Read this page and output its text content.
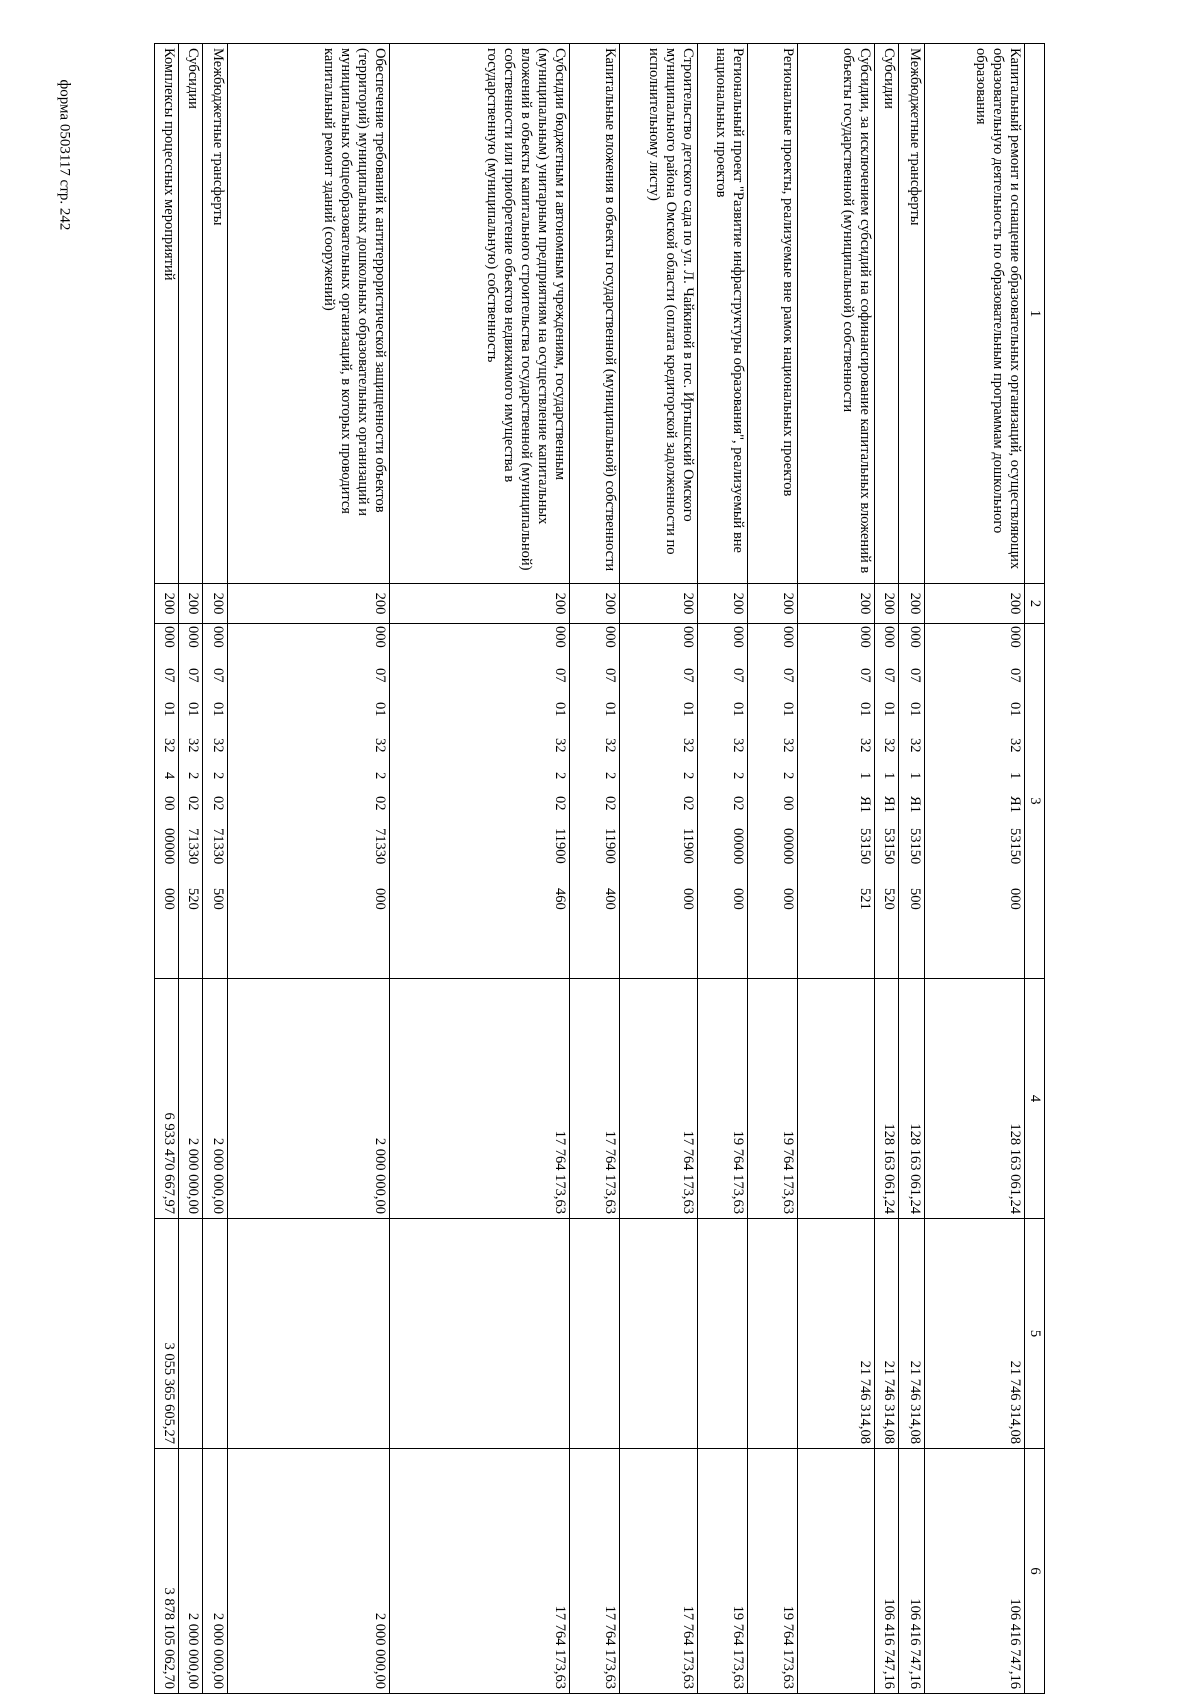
форма 0503117 стр. 242
1	2	3	4	5	6
Капитальный ремонт и оснащение образовательных организаций, осуществляющих образовательную деятельность по образовательным программам дошкольного образования	200	0000701321Я153150000	128 163 061,24	21 746 314,08	106 416 747,16
Межбюджетные трансферты	200	0000701321Я153150500	128 163 061,24	21 746 314,08	106 416 747,16
Субсидии	200	0000701321Я153150520	128 163 061,24	21 746 314,08	106 416 747,16
Субсидии, за исключением субсидий на софинансирование капитальных вложений в объекты государственной (муниципальной) собственности	200	0000701321Я153150521		21 746 314,08	
Региональные проекты, реализуемые вне рамок национальных проектов	200	00007013220000000000	19 764 173,63		19 764 173,63
Региональный проект "Развитие инфраструктуры образования", реализуемый вне национальных проектов	200	00007013220200000000	19 764 173,63		19 764 173,63
Строительство детского сада по ул. Л. Чайкиной в пос. Иртышский Омского муниципального района Омской области (оплата кредиторской задолженности по исполнительному листу)	200	00007013220211900000	17 764 173,63		17 764 173,63
Капитальные вложения в объекты государственной (муниципальной) собственности	200	00007013220211900400	17 764 173,63		17 764 173,63
Субсидии бюджетным и автономным учреждениям, государственным (муниципальным) унитарным предприятиям на осуществление капитальных вложений в объекты капитального строительства государственной (муниципальной) собственности или приобретение объектов недвижимого имущества в государственную (муниципальную) собственность	200	00007013220211900460	17 764 173,63		17 764 173,63
Обеспечение требований к антитеррористической защищенности объектов (территорий) муниципальных дошкольных образовательных организаций и муниципальных общеобразовательных организаций, в которых проводится капитальный ремонт зданий (сооружений)	200	00007013220271330000	2 000 000,00		2 000 000,00
Межбюджетные трансферты	200	00007013220271330500	2 000 000,00		2 000 000,00
Субсидии	200	00007013220271330520	2 000 000,00		2 000 000,00
Комплексы процессных мероприятий	200	00007013240000000000	6 933 470 667,97	3 055 365 605,27	3 878 105 062,70
